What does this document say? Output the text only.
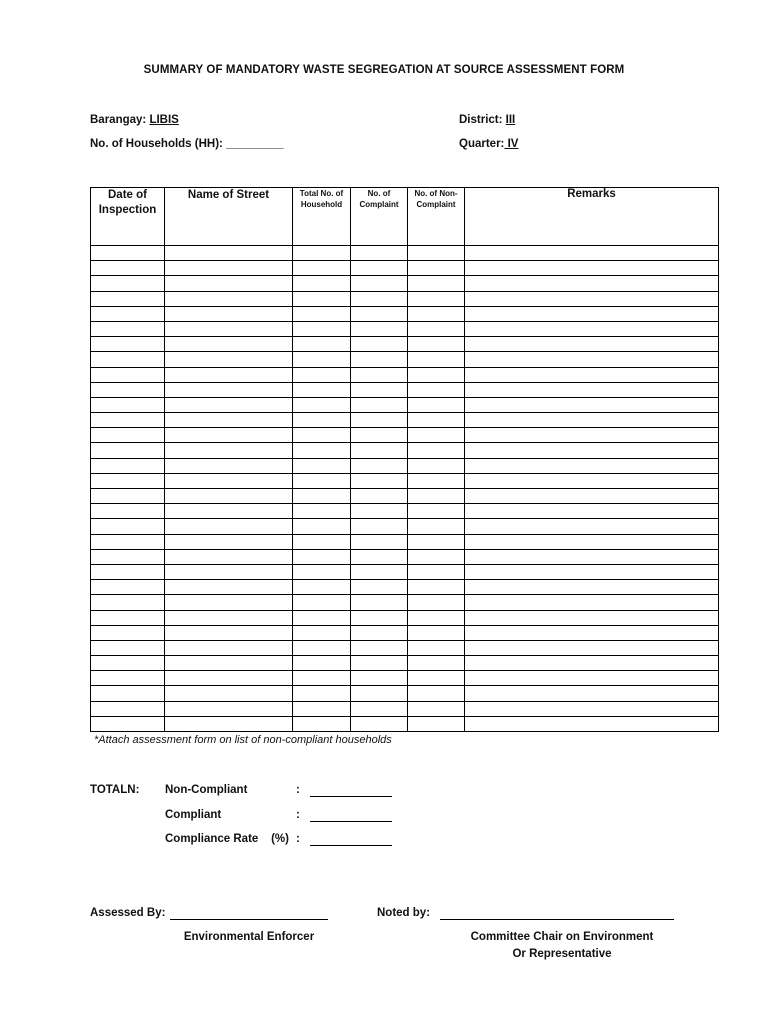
SUMMARY OF MANDATORY WASTE SEGREGATION AT SOURCE ASSESSMENT FORM
Barangay: LIBIS	District: III
No. of Households (HH): _________	Quarter: IV
Date of Inspection	Name of Street	Total No. of Household	No. of Complaint	No. of Non-Complaint	Remarks

*Attach assessment form on list of non-compliant households
TOTALN: Non-Compliant	:
Compliant	:
Compliance Rate    (%) :
Assessed By:
Environmental Enforcer
Noted by:
Committee Chair on Environment
Or Representative
